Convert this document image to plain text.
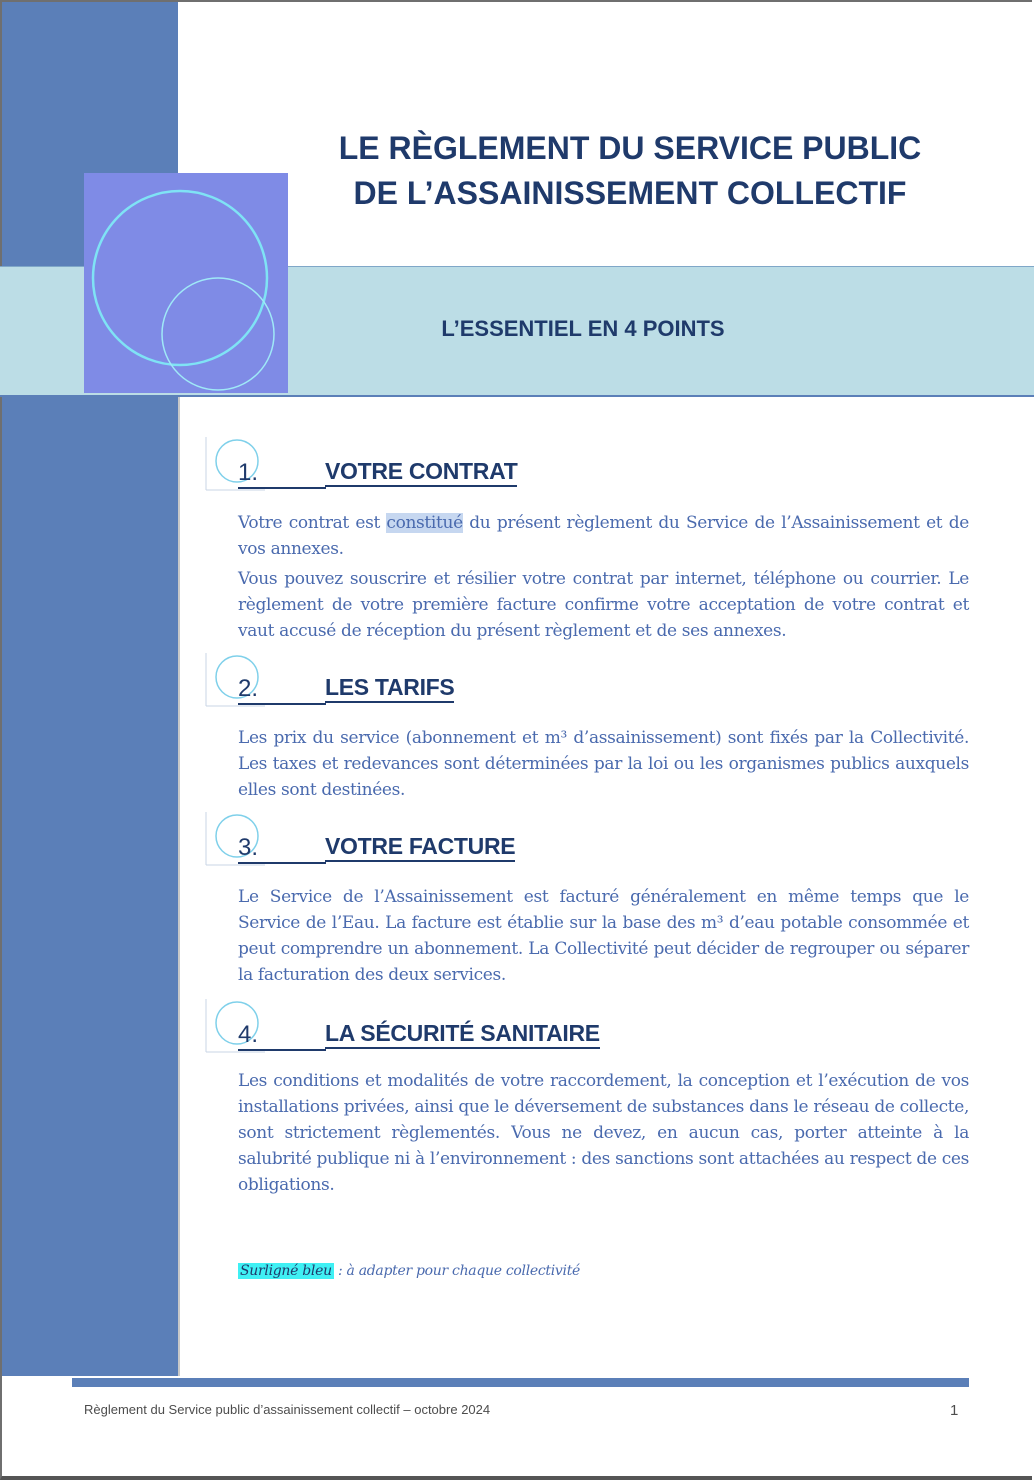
LE RÈGLEMENT DU SERVICE PUBLIC
DE L’ASSAINISSEMENT COLLECTIF
L’ESSENTIEL EN 4 POINTS
1.	VOTRE CONTRAT

Votre contrat est constitué du présent règlement du Service de l’Assainissement et de vos annexes.

Vous pouvez souscrire et résilier votre contrat par internet, téléphone ou courrier. Le règlement de votre première facture confirme votre acceptation de votre contrat et vaut accusé de réception du présent règlement et de ses annexes.

2.	LES TARIFS

Les prix du service (abonnement et m³ d’assainissement) sont fixés par la Collectivité. Les taxes et redevances sont déterminées par la loi ou les organismes publics auxquels elles sont destinées.

3.	VOTRE FACTURE

Le Service de l’Assainissement est facturé généralement en même temps que le Service de l’Eau. La facture est établie sur la base des m³ d’eau potable consommée et peut comprendre un abonnement. La Collectivité peut décider de regrouper ou séparer la facturation des deux services.

4.	LA SÉCURITÉ SANITAIRE

Les conditions et modalités de votre raccordement, la conception et l’exécution de vos installations privées, ainsi que le déversement de substances dans le réseau de collecte, sont strictement règlementés. Vous ne devez, en aucun cas, porter atteinte à la salubrité publique ni à l’environnement : des sanctions sont attachées au respect de ces obligations.

Surligné bleu : à adapter pour chaque collectivité
Règlement du Service public d’assainissement collectif – octobre 2024	1
